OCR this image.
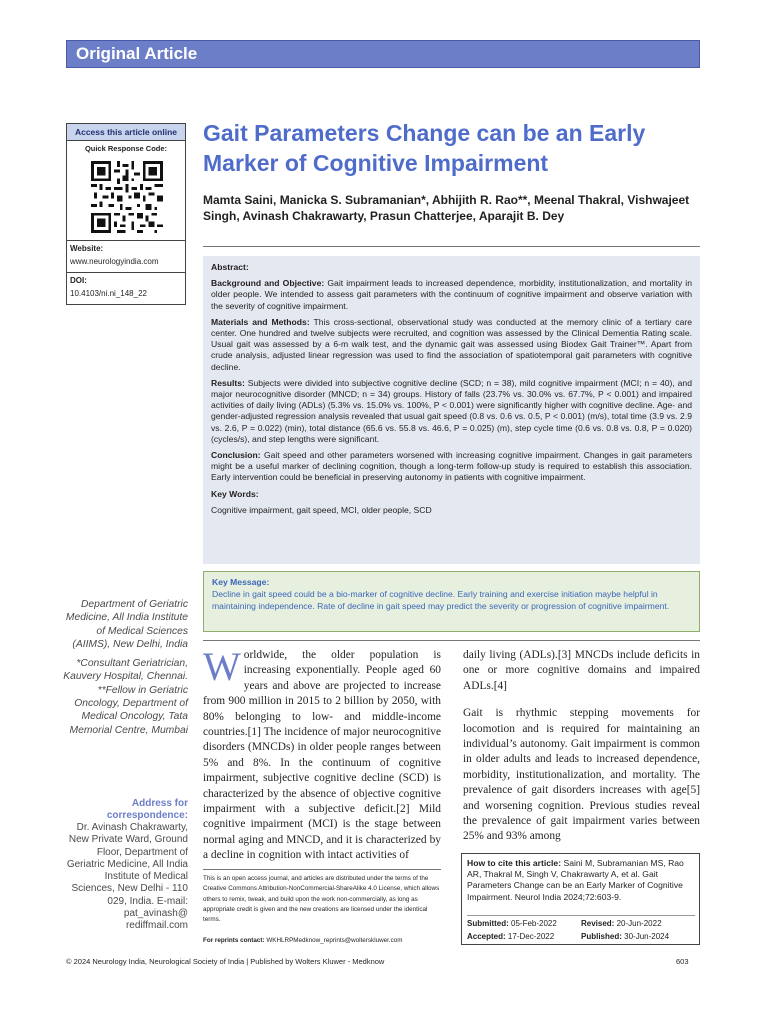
Original Article
Access this article online
Quick Response Code:
Website:
www.neurologyindia.com
DOI:
10.4103/ni.ni_148_22
Gait Parameters Change can be an Early Marker of Cognitive Impairment
Mamta Saini, Manicka S. Subramanian*, Abhijith R. Rao**, Meenal Thakral, Vishwajeet Singh, Avinash Chakrawarty, Prasun Chatterjee, Aparajit B. Dey

Abstract:

Background and Objective: Gait impairment leads to increased dependence, morbidity, institutionalization, and mortality in older people. We intended to assess gait parameters with the continuum of cognitive impairment and observe variation with the severity of cognitive impairment.

Materials and Methods: This cross-sectional, observational study was conducted at the memory clinic of a tertiary care center. One hundred and twelve subjects were recruited, and cognition was assessed by the Clinical Dementia Rating scale. Usual gait was assessed by a 6-m walk test, and the dynamic gait was assessed using Biodex Gait Trainer™. Apart from crude analysis, adjusted linear regression was used to find the association of spatiotemporal gait parameters with cognitive decline.

Results: Subjects were divided into subjective cognitive decline (SCD; n = 38), mild cognitive impairment (MCI; n = 40), and major neurocognitive disorder (MNCD; n = 34) groups. History of falls (23.7% vs. 30.0% vs. 67.7%, P < 0.001) and impaired activities of daily living (ADLs) (5.3% vs. 15.0% vs. 100%, P < 0.001) were significantly higher with cognitive decline. Age- and gender-adjusted regression analysis revealed that usual gait speed (0.8 vs. 0.6 vs. 0.5, P < 0.001) (m/s), total time (3.9 vs. 2.9 vs. 2.6, P = 0.022) (min), total distance (65.6 vs. 55.8 vs. 46.6, P = 0.025) (m), step cycle time (0.6 vs. 0.8 vs. 0.8, P = 0.020) (cycles/s), and step lengths were significant.

Conclusion: Gait speed and other parameters worsened with increasing cognitive impairment. Changes in gait parameters might be a useful marker of declining cognition, though a long-term follow-up study is required to establish this association. Early intervention could be beneficial in preserving autonomy in patients with cognitive impairment.

Key Words:

Cognitive impairment, gait speed, MCI, older people, SCD

Key Message:
Decline in gait speed could be a bio-marker of cognitive decline. Early training and exercise initiation maybe helpful in maintaining independence. Rate of decline in gait speed may predict the severity or progression of cognitive impairment.

Department of Geriatric Medicine, All India Institute of Medical Sciences (AIIMS), New Delhi, India

*Consultant Geriatrician, Kauvery Hospital, Chennai. **Fellow in Geriatric Oncology, Department of Medical Oncology, Tata Memorial Centre, Mumbai

Address for correspondence:
Dr. Avinash Chakrawarty, New Private Ward, Ground Floor, Department of Geriatric Medicine, All India Institute of Medical Sciences, New Delhi - 110 029, India. E-mail: pat_avinash@ rediffmail.com
Worldwide, the older population is increasing exponentially. People aged 60 years and above are projected to increase from 900 million in 2015 to 2 billion by 2050, with 80% belonging to low- and middle-income countries.[1] The incidence of major neurocognitive disorders (MNCDs) in older people ranges between 5% and 8%. In the continuum of cognitive impairment, subjective cognitive decline (SCD) is characterized by the absence of objective cognitive impairment with a subjective deficit.[2] Mild cognitive impairment (MCI) is the stage between normal aging and MNCD, and it is characterized by a decline in cognition with intact activities of

daily living (ADLs).[3] MNCDs include deficits in one or more cognitive domains and impaired ADLs.[4]

Gait is rhythmic stepping movements for locomotion and is required for maintaining an individual’s autonomy. Gait impairment is common in older adults and leads to increased dependence, morbidity, institutionalization, and mortality. The prevalence of gait disorders increases with age[5] and worsening cognition. Previous studies reveal the prevalence of gait impairment varies between 25% and 93% among

This is an open access journal, and articles are distributed under the terms of the Creative Commons Attribution-NonCommercial-ShareAlike 4.0 License, which allows others to remix, tweak, and build upon the work non-commercially, as long as appropriate credit is given and the new creations are licensed under the identical terms.
For reprints contact: WKHLRPMedknow_reprints@wolterskluwer.com
How to cite this article: Saini M, Subramanian MS, Rao AR, Thakral M, Singh V, Chakrawarty A, et al. Gait Parameters Change can be an Early Marker of Cognitive Impairment. Neurol India 2024;72:603-9.
Submitted: 05-Feb-2022	Revised: 20-Jun-2022
Accepted: 17-Dec-2022	Published: 30-Jun-2024
© 2024 Neurology India, Neurological Society of India | Published by Wolters Kluwer - Medknow	603
